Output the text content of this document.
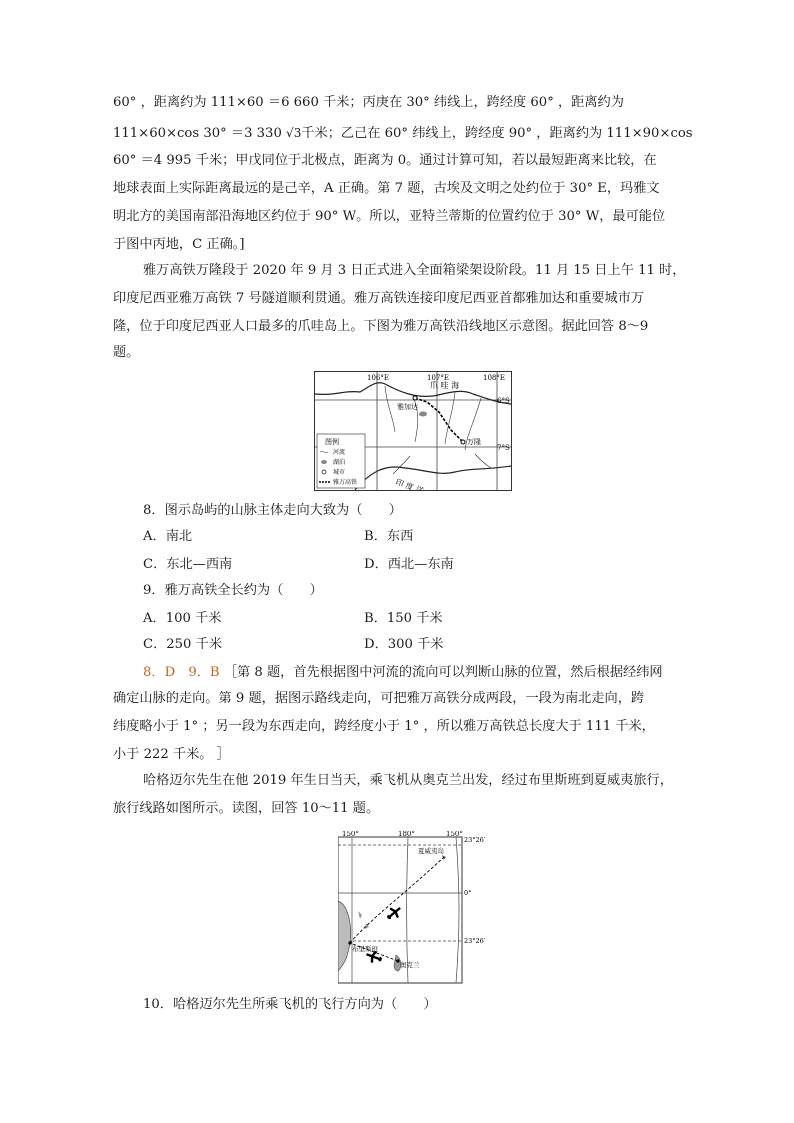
60° ，距离约为 111×60 ＝6 660 千米；丙庚在 30° 纬线上，跨经度 60° ，距离约为
111×60×cos 30° ＝3 330 √3千米；乙己在 60° 纬线上，跨经度 90° ，距离约为 111×90×cos
60° ＝4 995 千米；甲戊同位于北极点，距离为 0。通过计算可知，若以最短距离来比较，在
地球表面上实际距离最远的是己辛，A 正确。第 7 题，古埃及文明之处约位于 30° E，玛雅文
明北方的美国南部沿海地区约位于 90° W。所以，亚特兰蒂斯的位置约位于 30° W，最可能位
于图中丙地，C 正确。]
雅万高铁万隆段于 2020 年 9 月 3 日正式进入全面箱梁架设阶段。11 月 15 日上午 11 时，
印度尼西亚雅万高铁 7 号隧道顺利贯通。雅万高铁连接印度尼西亚首都雅加达和重要城市万
隆，位于印度尼西亚人口最多的爪哇岛上。下图为雅万高铁沿线地区示意图。据此回答 8～9
题。
106°E	107°E	108°E
6°S
7°S
爪 哇 海
雅加达
万隆
印 度 洋
图例
河流
湖泊
城市
雅万高铁
8．图示岛屿的山脉主体走向大致为（　　）
A．南北	B．东西
C．东北—西南	D．西北—东南
9．雅万高铁全长约为（　　）
A．100 千米	B．150 千米
C．250 千米	D．300 千米
8．D　9．B ［第 8 题，首先根据图中河流的流向可以判断山脉的位置，然后根据经纬网
确定山脉的走向。第 9 题，据图示路线走向，可把雅万高铁分成两段，一段为南北走向，跨
纬度略小于 1° ；另一段为东西走向，跨经度小于 1° ，所以雅万高铁总长度大于 111 千米，
小于 222 千米。 ］
哈格迈尔先生在他 2019 年生日当天，乘飞机从奥克兰出发，经过布里斯班到夏威夷旅行，
旅行线路如图所示。读图，回答 10～11 题。
150°	180°	150°
23°26′
0°
23°26′
夏威夷岛
布里斯班
奥克兰
10．哈格迈尔先生所乘飞机的飞行方向为（　　）
